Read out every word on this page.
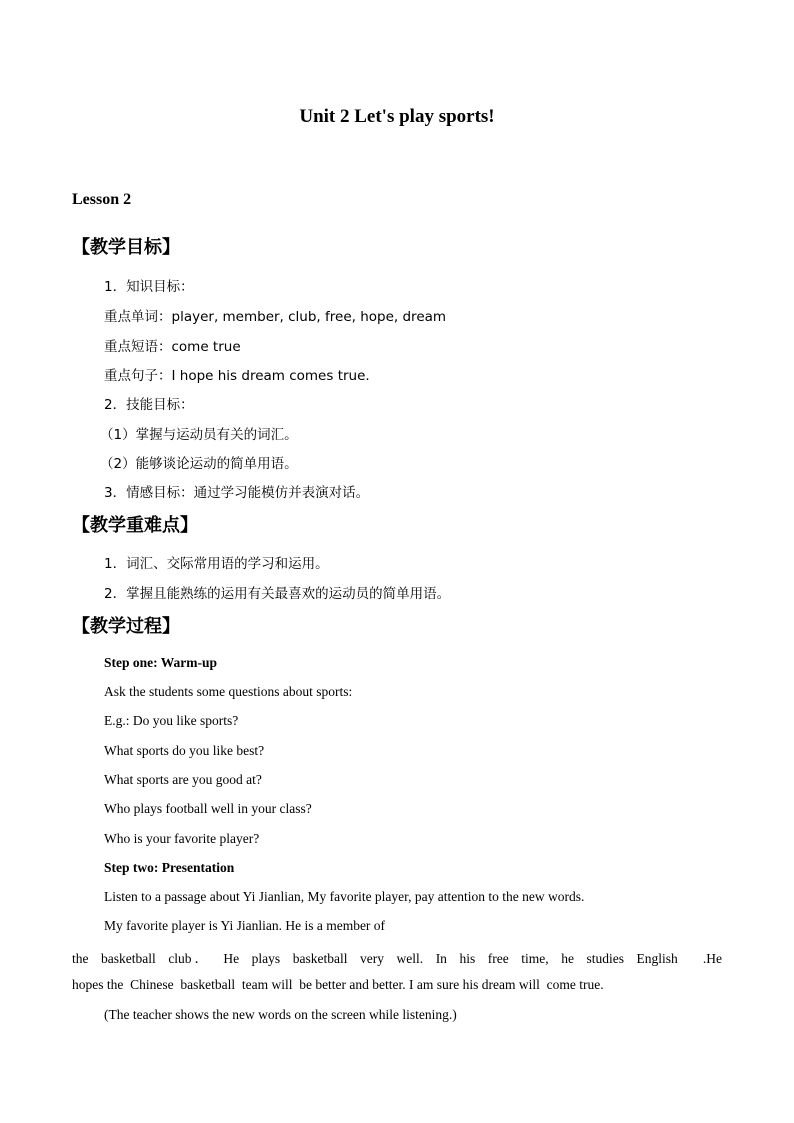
Unit 2 Let's play sports!
Lesson 2
【教学目标】
1．知识目标：
重点单词：player, member, club, free, hope, dream
重点短语：come true
重点句子：I hope his dream comes true.
2．技能目标：
（1）掌握与运动员有关的词汇。
（2）能够谈论运动的简单用语。
3．情感目标：通过学习能模仿并表演对话。
【教学重难点】
1．词汇、交际常用语的学习和运用。
2．掌握且能熟练的运用有关最喜欢的运动员的简单用语。
【教学过程】
Step one: Warm-up
Ask the students some questions about sports:
E.g.: Do you like sports?
What sports do you like best?
What sports are you good at?
Who plays football well in your class?
Who is your favorite player?
Step two: Presentation
Listen to a passage about Yi Jianlian, My favorite player, pay attention to the new words.
My favorite player is Yi Jianlian. He is a member of
the  basketball  club．  He  plays  basketball  very  well.  In  his  free  time,  he  studies  English    .He
hopes the  Chinese  basketball  team will  be better and better. I am sure his dream will  come true.
(The teacher shows the new words on the screen while listening.)
